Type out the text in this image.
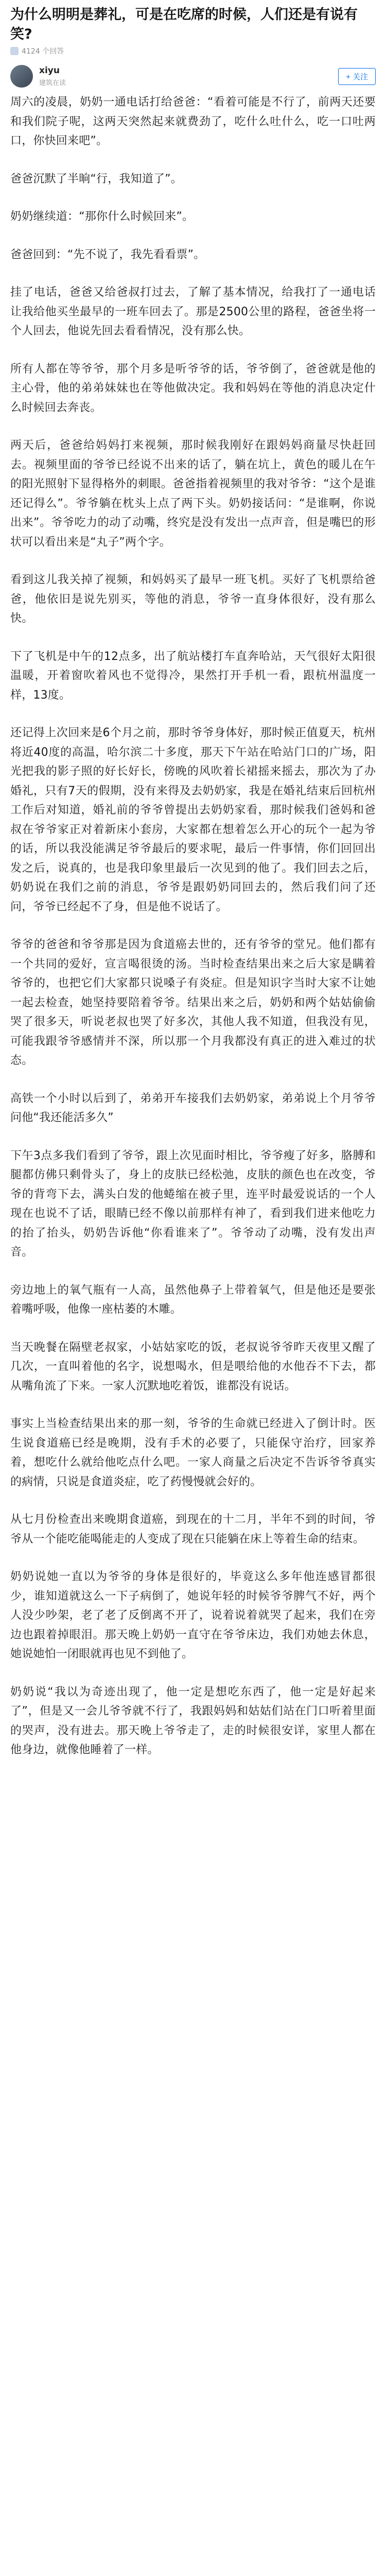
为什么明明是葬礼，可是在吃席的时候，人们还是有说有笑?
4124 个回答
xiyu
建筑在读
+ 关注

周六的凌晨，奶奶一通电话打给爸爸：“看着可能是不行了，前两天还要和我们院子呢，这两天突然起来就费劲了，吃什么吐什么，吃一口吐两口，你快回来吧”。

爸爸沉默了半晌“行，我知道了”。

奶奶继续道：“那你什么时候回来”。

爸爸回到：“先不说了，我先看看票”。

挂了电话，爸爸又给爸叔打过去，了解了基本情况，给我打了一通电话让我给他买坐最早的一班车回去了。那是2500公里的路程，爸爸坐将一个人回去，他说先回去看看情况，没有那么快。

所有人都在等爷爷，那个月多是听爷爷的话，爷爷倒了，爸爸就是他的主心骨，他的弟弟妹妹也在等他做决定。我和妈妈在等他的消息决定什么时候回去奔丧。

两天后，爸爸给妈妈打来视频，那时候我刚好在跟妈妈商量尽快赶回去。视频里面的爷爷已经说不出来的话了，躺在坑上，黄色的暖儿在午的阳光照射下显得格外的刺眼。爸爸指着视频里的我对爷爷：“这个是谁还记得么”。爷爷躺在枕头上点了两下头。奶奶接话问：“是谁啊，你说出来”。爷爷吃力的动了动嘴，终究是没有发出一点声音，但是嘴巴的形状可以看出来是“丸子”两个字。

看到这儿我关掉了视频，和妈妈买了最早一班飞机。买好了飞机票给爸爸，他依旧是说先别买，等他的消息，爷爷一直身体很好，没有那么快。

下了飞机是中午的12点多，出了航站楼打车直奔哈站，天气很好太阳很温暖，开着窗吹着风也不觉得冷，果然打开手机一看，跟杭州温度一样，13度。

还记得上次回来是6个月之前，那时爷爷身体好，那时候正值夏天，杭州将近40度的高温，哈尔滨二十多度，那天下午站在哈站门口的广场，阳光把我的影子照的好长好长，傍晚的风吹着长裙摇来摇去，那次为了办婚礼，只有7天的假期，没有来得及去奶奶家，我是在婚礼结束后回杭州工作后对知道，婚礼前的爷爷曾提出去奶奶家看，那时候我们爸妈和爸叔在爷爷家正对着新床小套房，大家都在想着怎么开心的玩个一起为爷的话，所以我没能满足爷爷最后的要求呢，最后一件事情，你们回回出发之后，说真的，也是我印象里最后一次见到的他了。我们回去之后，奶奶说在我们之前的消息，爷爷是跟奶奶同回去的，然后我们问了还问，爷爷已经起不了身，但是他不说话了。

爷爷的爸爸和爷爷那是因为食道癌去世的，还有爷爷的堂兄。他们都有一个共同的爱好，宣言喝很烫的汤。当时检查结果出来之后大家是瞒着爷爷的，也把它们大家都只说嗓子有炎症。但是知识字当时大家不让她一起去检查，她坚持要陪着爷爷。结果出来之后，奶奶和两个姑姑偷偷哭了很多天，听说老叔也哭了好多次，其他人我不知道，但我没有见，可能我跟爷爷感情并不深，所以那一个月我都没有真正的进入难过的状态。

高铁一个小时以后到了，弟弟开车接我们去奶奶家，弟弟说上个月爷爷问他“我还能活多久”

下午3点多我们看到了爷爷，跟上次见面时相比，爷爷瘦了好多，胳膊和腿都仿佛只剩骨头了，身上的皮肤已经松弛，皮肤的颜色也在改变，爷爷的背弯下去，满头白发的他蜷缩在被子里，连平时最爱说话的一个人现在也说不了话，眼睛已经不像以前那样有神了，看到我们进来他吃力的抬了抬头，奶奶告诉他“你看谁来了”。爷爷动了动嘴，没有发出声音。

旁边地上的氧气瓶有一人高，虽然他鼻子上带着氧气，但是他还是要张着嘴呼吸，他像一座枯萎的木雕。

当天晚餐在隔壁老叔家，小姑姑家吃的饭，老叔说爷爷昨天夜里又醒了几次，一直叫着他的名字，说想喝水，但是喂给他的水他吞不下去，都从嘴角流了下来。一家人沉默地吃着饭，谁都没有说话。

事实上当检查结果出来的那一刻，爷爷的生命就已经进入了倒计时。医生说食道癌已经是晚期，没有手术的必要了，只能保守治疗，回家养着，想吃什么就给他吃点什么吧。一家人商量之后决定不告诉爷爷真实的病情，只说是食道炎症，吃了药慢慢就会好的。

从七月份检查出来晚期食道癌，到现在的十二月，半年不到的时间，爷爷从一个能吃能喝能走的人变成了现在只能躺在床上等着生命的结束。

奶奶说她一直以为爷爷的身体是很好的，毕竟这么多年他连感冒都很少，谁知道就这么一下子病倒了，她说年轻的时候爷爷脾气不好，两个人没少吵架，老了老了反倒离不开了，说着说着就哭了起来，我们在旁边也跟着掉眼泪。那天晚上奶奶一直守在爷爷床边，我们劝她去休息，她说她怕一闭眼就再也见不到他了。

奶奶说“我以为奇迹出现了，他一定是想吃东西了，他一定是好起来了”，但是又一会儿爷爷就不行了，我跟妈妈和姑姑们站在门口听着里面的哭声，没有进去。那天晚上爷爷走了，走的时候很安详，家里人都在他身边，就像他睡着了一样。
